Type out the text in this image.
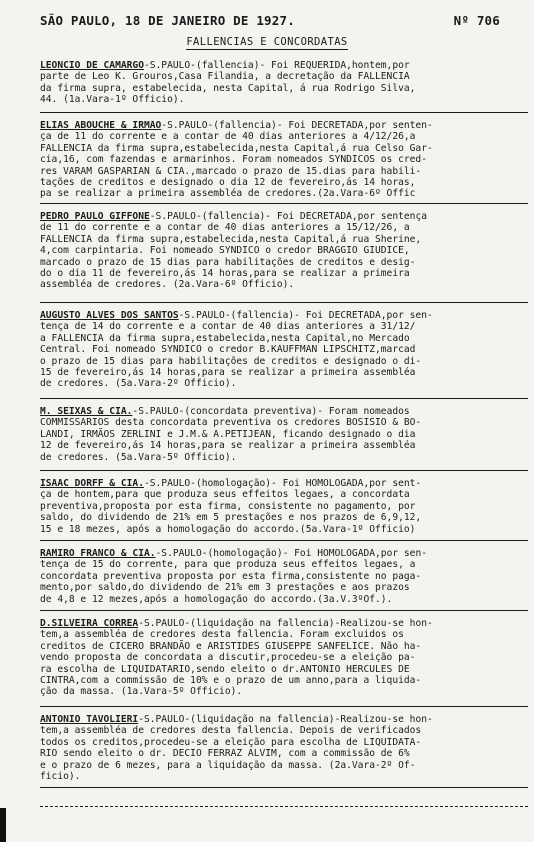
SÃO PAULO, 18 DE JANEIRO DE 1927.	Nº 706
FALLENCIAS E CONCORDATAS
LEONCIO DE CAMARGO-S.PAULO-(fallencia)- Foi REQUERIDA,hontem,por
parte de Leo K. Grouros,Casa Filandia, a decretação da FALLENCIA
da firma supra, estabelecida, nesta Capital, á rua Rodrigo Silva,
44. (1a.Vara-1º Officio).
ELIAS ABOUCHE & IRMÃO-S.PAULO-(fallencia)- Foi DECRETADA,por senten-
ça de 11 do corrente e a contar de 40 dias anteriores a 4/12/26,a
FALLENCIA da firma supra,estabelecida,nesta Capital,á rua Celso Gar-
cia,16, com fazendas e armarinhos. Foram nomeados SYNDICOS os cred-
res VARAM GASPARIAN & CIA.,marcado o prazo de 15.dias para habili-
tações de creditos e designado o dia 12 de fevereiro,ás 14 horas,
pa se realizar a primeira assembléa de credores.(2a.Vara-6º Offic
PEDRO PAULO GIFFONE-S.PAULO-(fallencia)- Foi DECRETADA,por sentença
de 11 do corrente e a contar de 40 dias anteriores a 15/12/26, a
FALLENCIA da firma supra,estabelecida,nesta Capital,á rua Sherine,
4,com carpintaria. Foi nomeado SYNDICO o credor BRAGGIO GIUDICE,
marcado o prazo de 15 dias para habilitações de creditos e desig-
do o dia 11 de fevereiro,ás 14 horas,para se realizar a primeira
assembléa de credores. (2a.Vara-6º Officio).
AUGUSTO ALVES DOS SANTOS-S.PAULO-(fallencia)- Foi DECRETADA,por sen-
tença de 14 do corrente e a contar de 40 dias anteriores a 31/12/
a FALLENCIA da firma supra,estabelecida,nesta Capital,no Mercado
Central. Foi nomeado SYNDICO o credor B.KAUFFMAN LIPSCHITZ,marcad
o prazo de 15 dias para habilitações de creditos e designado o di-
15 de fevereiro,ás 14 horas,para se realizar a primeira assembléa
de credores. (5a.Vara-2º Officio).
M. SEIXAS & CIA.-S.PAULO-(concordata preventiva)- Foram nomeados
COMMISSARIOS desta concordata preventiva os credores BOSISIO & BO-
LANDI, IRMÃOS ZERLINI e J.M.& A.PETIJEAN, ficando designado o dia
12 de fevereiro,ás 14 horas,para se realizar a primeira assembléa
de credores. (5a.Vara-5º Officio).
ISAAC DORFF & CIA.-S.PAULO-(homologação)- Foi HOMOLOGADA,por sent-
ça de hontem,para que produza seus effeitos legaes, a concordata
preventiva,proposta por esta firma, consistente no pagamento, por
saldo, do dividendo de 21% em 5 prestações e nos prazos de 6,9,12,
15 e 18 mezes, após a homologação do accordo.(5a.Vara-1º Officio)
RAMIRO FRANCO & CIA.-S.PAULO-(homologação)- Foi HOMOLOGADA,por sen-
tença de 15 do corrente, para que produza seus effeitos legaes, a
concordata preventiva proposta por esta firma,consistente no paga-
mento,por saldo,do dividendo de 21% em 3 prestações e aos prazos
de 4,8 e 12 mezes,após a homologação do accordo.(3a.V.3ºOf.).
D.SILVEIRA CORREA-S.PAULO-(liquidação na fallencia)-Realizou-se hon-
tem,a assembléa de credores desta fallencia. Foram excluidos os
creditos de CICERO BRANDÃO e ARISTIDES GIUSEPPE SANFELICE. Não ha-
vendo proposta de concordata a discutir,procedeu-se a eleição pa-
ra escolha de LIQUIDATARIO,sendo eleito o dr.ANTONIO HERCULES DE
CINTRA,com a commissão de 10% e o prazo de um anno,para a liquida-
ção da massa. (1a.Vara-5º Officio).
ANTONIO TAVOLIERI-S.PAULO-(liquidação na fallencia)-Realizou-se hon-
tem,a assembléa de credores desta fallencia. Depois de verificados
todos os creditos,procedeu-se a eleição para escolha de LIQUIDATA-
RIO sendo eleito o dr. DECIO FERRAZ ALVIM, com a commissão de 6%
e o prazo de 6 mezes, para a liquidação da massa. (2a.Vara-2º Of-
ficio).
